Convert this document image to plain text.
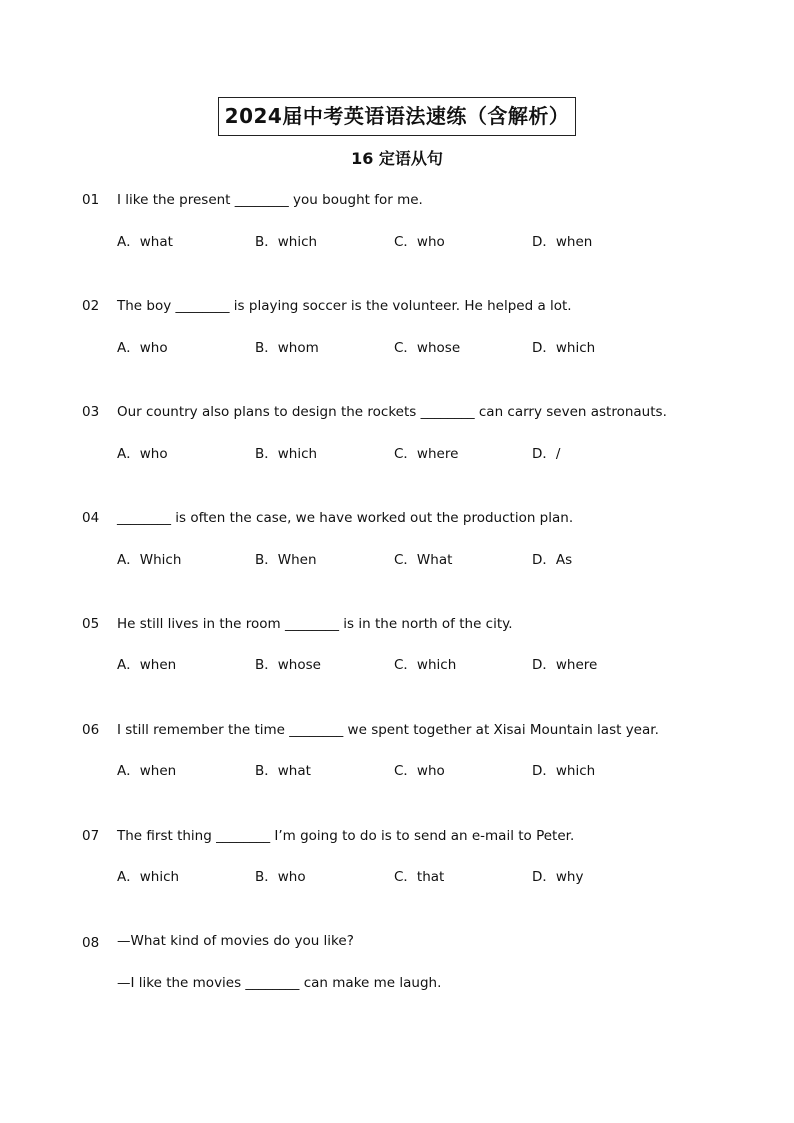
2024届中考英语语法速练（含解析）
16 定语从句
01 I like the present ________ you bought for me.
A．what	B．which	C．who	D．when
02 The boy ________ is playing soccer is the volunteer. He helped a lot.
A．who	B．whom	C．whose	D．which
03 Our country also plans to design the rockets ________ can carry seven astronauts.
A．who	B．which	C．where	D．/
04 ________ is often the case, we have worked out the production plan.
A．Which	B．When	C．What	D．As
05 He still lives in the room ________ is in the north of the city.
A．when	B．whose	C．which	D．where
06 I still remember the time ________ we spent together at Xisai Mountain last year.
A．when	B．what	C．who	D．which
07 The first thing ________ I’m going to do is to send an e-mail to Peter.
A．which	B．who	C．that	D．why
08 —What kind of movies do you like?
—I like the movies ________ can make me laugh.
